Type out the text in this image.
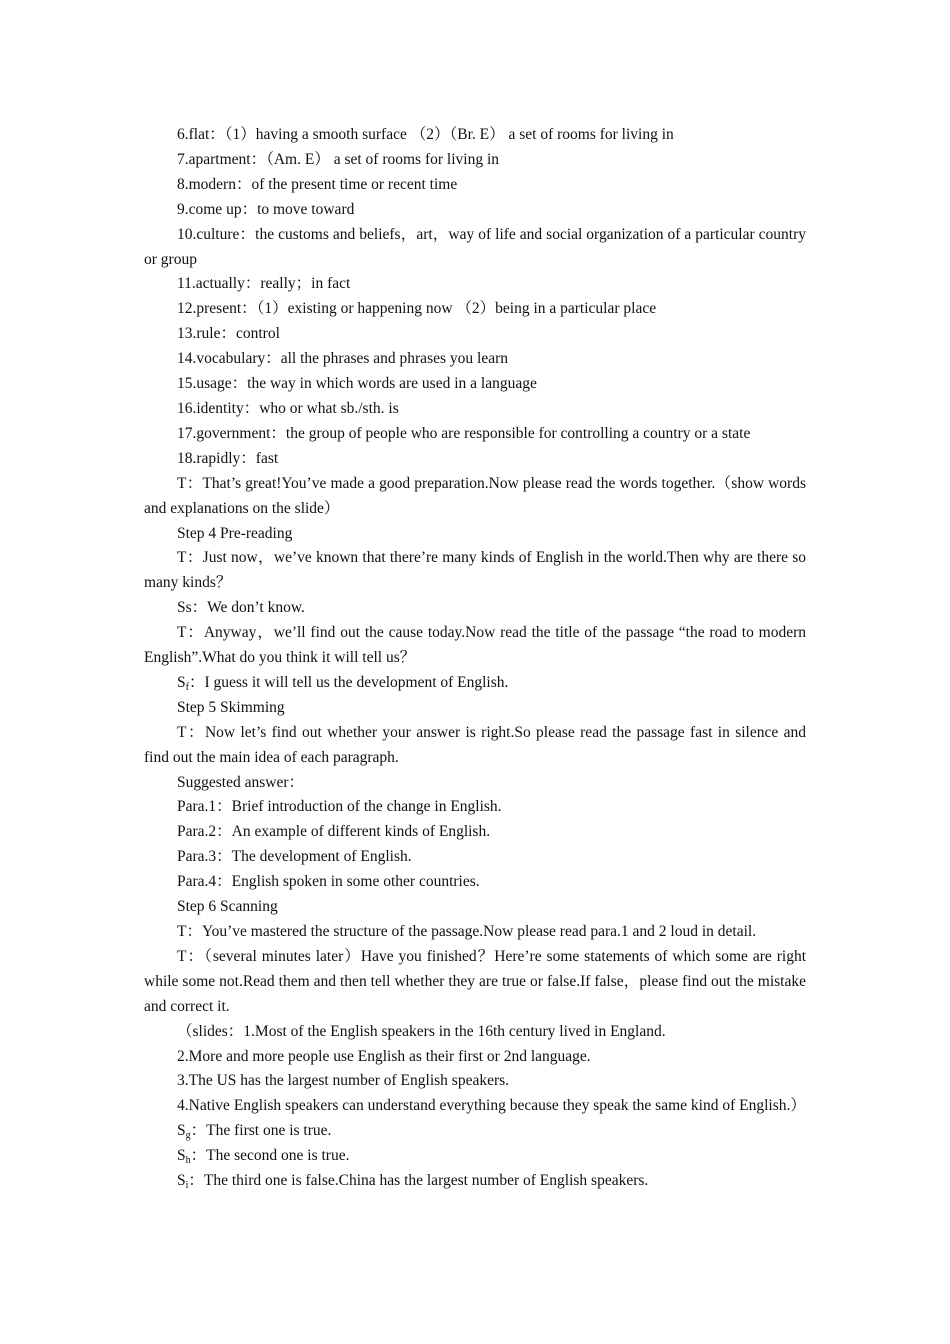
6.flat：（1）having a smooth surface （2）（Br. E） a set of rooms for living in

7.apartment：（Am. E） a set of rooms for living in

8.modern：of the present time or recent time

9.come up：to move toward

10.culture：the customs and beliefs，art，way of life and social organization of a particular country or group

11.actually：really；in fact

12.present：（1）existing or happening now （2）being in a particular place

13.rule：control

14.vocabulary：all the phrases and phrases you learn

15.usage：the way in which words are used in a language

16.identity：who or what sb./sth. is

17.government：the group of people who are responsible for controlling a country or a state

18.rapidly：fast

T：That’s great!You’ve made a good preparation.Now please read the words together.（show words and explanations on the slide）

Step 4 Pre-reading

T：Just now，we’ve known that there’re many kinds of English in the world.Then why are there so many kinds？

Ss：We don’t know.

T：Anyway，we’ll find out the cause today.Now read the title of the passage “the road to modern English”.What do you think it will tell us？

$S_f$：I guess it will tell us the development of English.

Step 5 Skimming

T：Now let’s find out whether your answer is right.So please read the passage fast in silence and find out the main idea of each paragraph.

Suggested answer：

Para.1：Brief introduction of the change in English.

Para.2：An example of different kinds of English.

Para.3：The development of English.

Para.4：English spoken in some other countries.

Step 6 Scanning

T：You’ve mastered the structure of the passage.Now please read para.1 and 2 loud in detail.

T：（several minutes later）Have you finished？Here’re some statements of which some are right while some not.Read them and then tell whether they are true or false.If false，please find out the mistake and correct it.

（slides：1.Most of the English speakers in the 16th century lived in England.

2.More and more people use English as their first or 2nd language.

3.The US has the largest number of English speakers.

4.Native English speakers can understand everything because they speak the same kind of English.）

$S_g$：The first one is true.

$S_h$：The second one is true.

$S_i$：The third one is false.China has the largest number of English speakers.
